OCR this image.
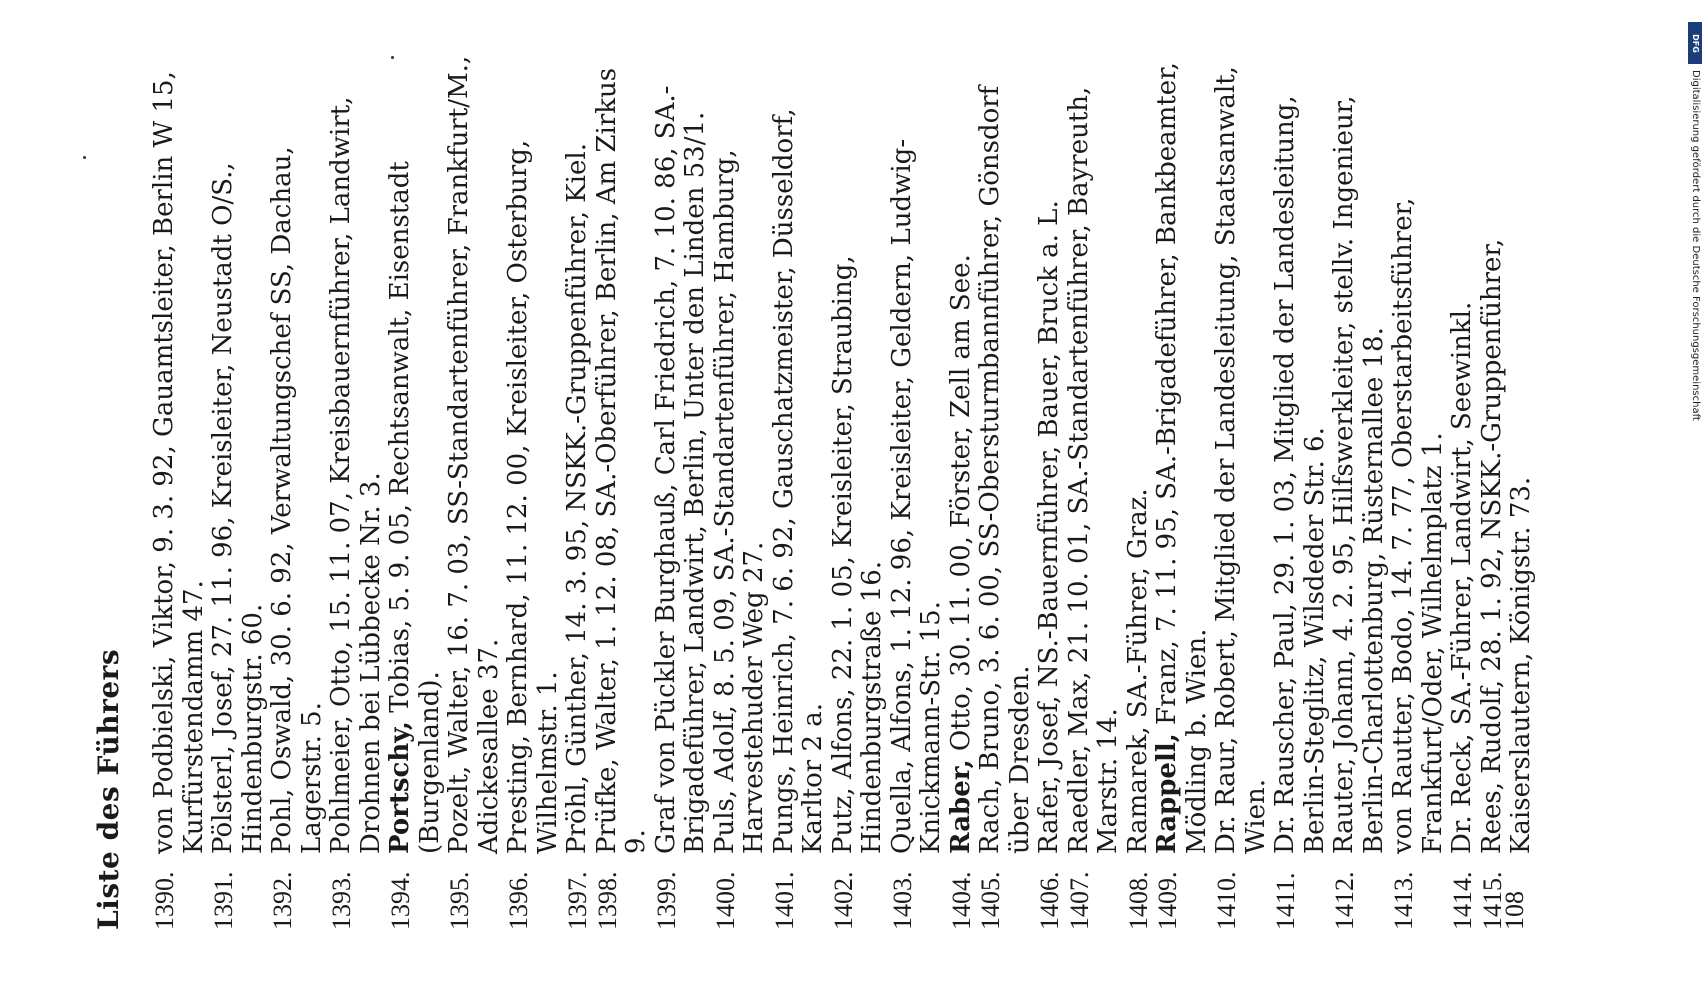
Liste des Führers 1390.
von Podbielski, Viktor, 9. 3. 92, Gauamtsleiter, Berlin W 15, Kurfürstendamm 47.
1391.
Pölsterl, Josef, 27. 11. 96, Kreisleiter, Neustadt O/S., Hindenburgstr. 60.
1392.
Pohl, Oswald, 30. 6. 92, Verwaltungschef SS, Dachau, Lagerstr. 5.
1393.
Pohlmeier, Otto, 15. 11. 07, Kreisbauernführer, Landwirt, Drohnen bei Lübbecke Nr. 3.
1394.
Portschy, Tobias, 5. 9. 05, Rechtsanwalt, Eisenstadt (Burgenland).
1395.
Pozelt, Walter, 16. 7. 03, SS-Standartenführer, Frankfurt/M., Adickesallee 37.
1396.
Presting, Bernhard, 11. 12. 00, Kreisleiter, Osterburg, Wilhelmstr. 1.
1397.
Pröhl, Günther, 14. 3. 95, NSKK.-Gruppenführer, Kiel.
1398.
Prüfke, Walter, 1. 12. 08, SA.-Oberführer, Berlin, Am Zirkus 9.
1399.
Graf von Pückler Burghauß, Carl Friedrich, 7. 10. 86, SA.-Brigadeführer, Landwirt, Berlin, Unter den Linden 53/1.
1400.
Puls, Adolf, 8. 5. 09, SA.-Standartenführer, Hamburg, Harvestehuder Weg 27.
1401.
Pungs, Heinrich, 7. 6. 92, Gauschatzmeister, Düsseldorf, Karltor 2 a.
1402.
Putz, Alfons, 22. 1. 05, Kreisleiter, Straubing, Hindenburgstraße 16.
1403.
Quella, Alfons, 1. 12. 96, Kreisleiter, Geldern, Ludwig-Knickmann-Str. 15.
1404.
Raber, Otto, 30. 11. 00, Förster, Zell am See.
1405.
Rach, Bruno, 3. 6. 00, SS-Obersturmbannführer, Gönsdorf über Dresden.
1406.
Rafer, Josef, NS.-Bauernführer, Bauer, Bruck a. L.
1407.
Raedler, Max, 21. 10. 01, SA.-Standartenführer, Bayreuth, Marstr. 14.
1408.
Ramarek, SA.-Führer, Graz.
1409.
Rappell, Franz, 7. 11. 95, SA.-Brigadeführer, Bankbeamter, Mödling b. Wien.
1410.
Dr. Raur, Robert, Mitglied der Landesleitung, Staatsanwalt, Wien.
1411.
Dr. Rauscher, Paul, 29. 1. 03, Mitglied der Landesleitung, Berlin-Steglitz, Wilsdeder Str. 6.
1412.
Rauter, Johann, 4. 2. 95, Hilfswerkleiter, stellv. Ingenieur, Berlin-Charlottenburg, Rüsternallee 18.
1413.
von Rautter, Bodo, 14. 7. 77, Oberstarbeitsführer, Frankfurt/Oder, Wilhelmplatz 1.
1414.
Dr. Reck, SA.-Führer, Landwirt, Seewinkl.
1415.
Rees, Rudolf, 28. 1. 92, NSKK.-Gruppenführer, Kaiserslautern, Königstr. 73.
108
DFG
Digitalisierung gefördert durch die Deutsche Forschungsgemeinschaft
